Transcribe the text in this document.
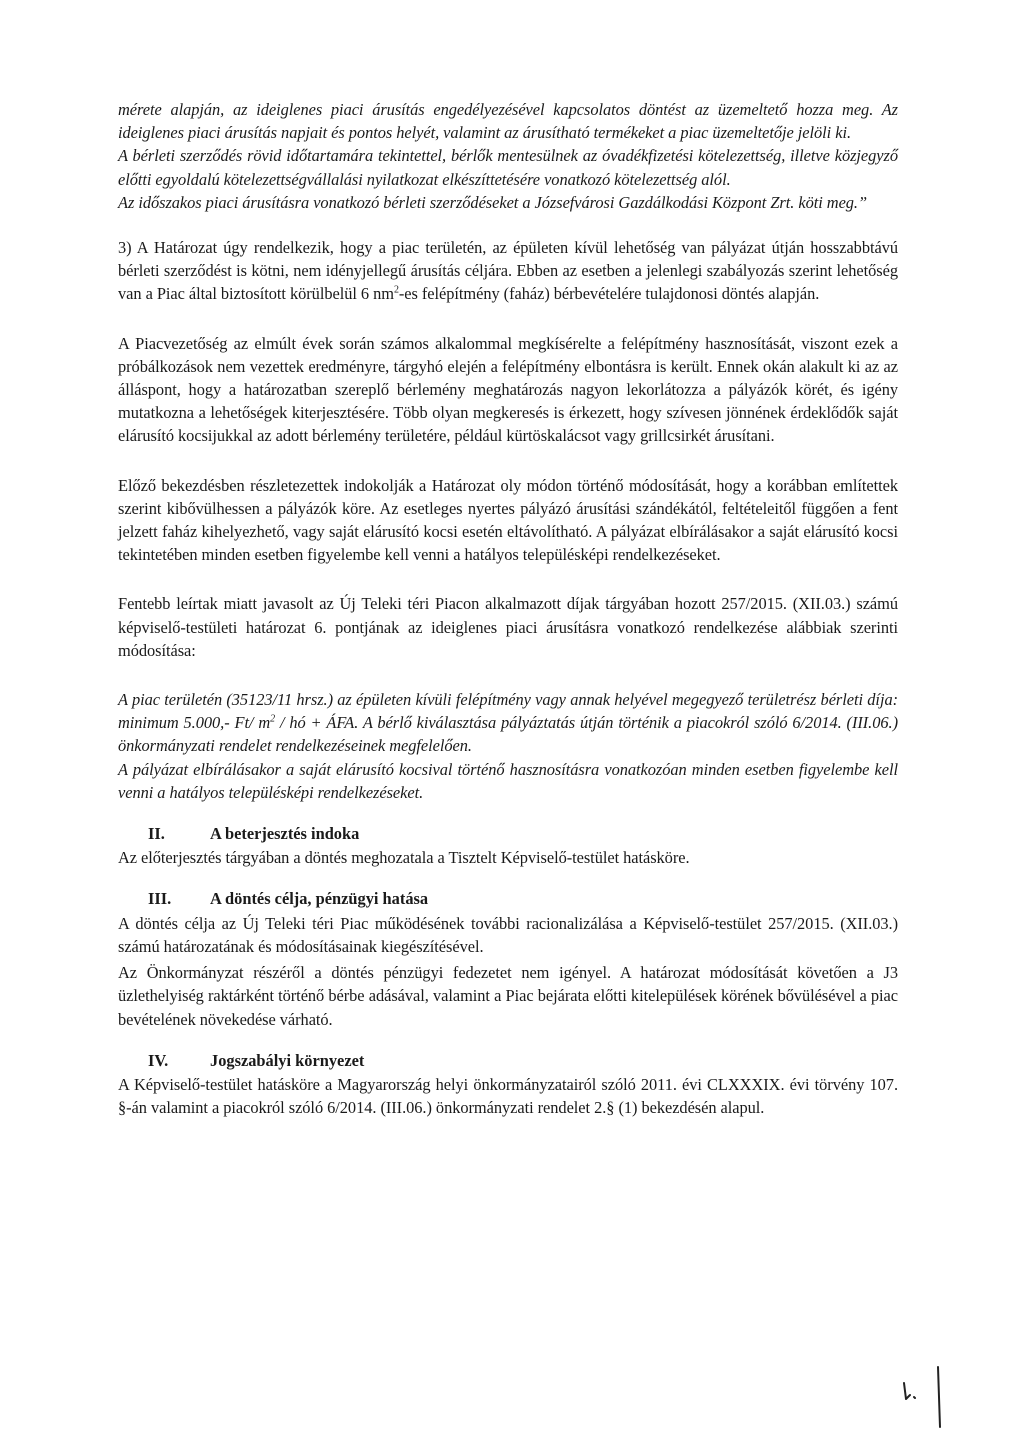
mérete alapján, az ideiglenes piaci árusítás engedélyezésével kapcsolatos döntést az üzemeltető hozza meg. Az ideiglenes piaci árusítás napjait és pontos helyét, valamint az árusítható termékeket a piac üzemeltetője jelöli ki.

A bérleti szerződés rövid időtartamára tekintettel, bérlők mentesülnek az óvadékfizetési kötelezettség, illetve közjegyző előtti egyoldalú kötelezettségvállalási nyilatkozat elkészíttetésére vonatkozó kötelezettség alól.

Az időszakos piaci árusításra vonatkozó bérleti szerződéseket a Józsefvárosi Gazdálkodási Központ Zrt. köti meg.”

3) A Határozat úgy rendelkezik, hogy a piac területén, az épületen kívül lehetőség van pályázat útján hosszabbtávú bérleti szerződést is kötni, nem idényjellegű árusítás céljára. Ebben az esetben a jelenlegi szabályozás szerint lehetőség van a Piac által biztosított körülbelül 6 $nm^2-es$ felépítmény (faház) bérbevételére tulajdonosi döntés alapján.

A Piacvezetőség az elmúlt évek során számos alkalommal megkísérelte a felépítmény hasznosítását, viszont ezek a próbálkozások nem vezettek eredményre, tárgyhó elején a felépítmény elbontásra is került. Ennek okán alakult ki az az álláspont, hogy a határozatban szereplő bérlemény meghatározás nagyon lekorlátozza a pályázók körét, és igény mutatkozna a lehetőségek kiterjesztésére. Több olyan megkeresés is érkezett, hogy szívesen jönnének érdeklődők saját elárusító kocsijukkal az adott bérlemény területére, például kürtöskalácsot vagy grillcsirkét árusítani.

Előző bekezdésben részletezettek indokolják a Határozat oly módon történő módosítását, hogy a korábban említettek szerint kibővülhessen a pályázók köre. Az esetleges nyertes pályázó árusítási szándékától, feltételeitől függően a fent jelzett faház kihelyezhető, vagy saját elárusító kocsi esetén eltávolítható. A pályázat elbírálásakor a saját elárusító kocsi tekintetében minden esetben figyelembe kell venni a hatályos településképi rendelkezéseket.

Fentebb leírtak miatt javasolt az Új Teleki téri Piacon alkalmazott díjak tárgyában hozott 257/2015. (XII.03.) számú képviselő-testületi határozat 6. pontjának az ideiglenes piaci árusításra vonatkozó rendelkezése alábbiak szerinti módosítása:

A piac területén (35123/11 hrsz.) az épületen kívüli felépítmény vagy annak helyével megegyező területrész bérleti díja: minimum 5.000,- Ft/ $m^2$ / hó + ÁFA. A bérlő kiválasztása pályáztatás útján történik a piacokról szóló 6/2014. (III.06.) önkormányzati rendelet rendelkezéseinek megfelelően.

A pályázat elbírálásakor a saját elárusító kocsival történő hasznosításra vonatkozóan minden esetben figyelembe kell venni a hatályos településképi rendelkezéseket.

II.	A beterjesztés indoka

Az előterjesztés tárgyában a döntés meghozatala a Tisztelt Képviselő-testület hatásköre.

III.	A döntés célja, pénzügyi hatása

A döntés célja az Új Teleki téri Piac működésének további racionalizálása a Képviselő-testület 257/2015. (XII.03.) számú határozatának és módosításainak kiegészítésével.

Az Önkormányzat részéről a döntés pénzügyi fedezetet nem igényel. A határozat módosítását követően a J3 üzlethelyiség raktárként történő bérbe adásával, valamint a Piac bejárata előtti kitelepülések körének bővülésével a piac bevételének növekedése várható.

IV.	Jogszabályi környezet

A Képviselő-testület hatásköre a Magyarország helyi önkormányzatairól szóló 2011. évi CLXXXIX. évi törvény 107. §-án valamint a piacokról szóló 6/2014. (III.06.) önkormányzati rendelet 2.§ (1) bekezdésén alapul.
